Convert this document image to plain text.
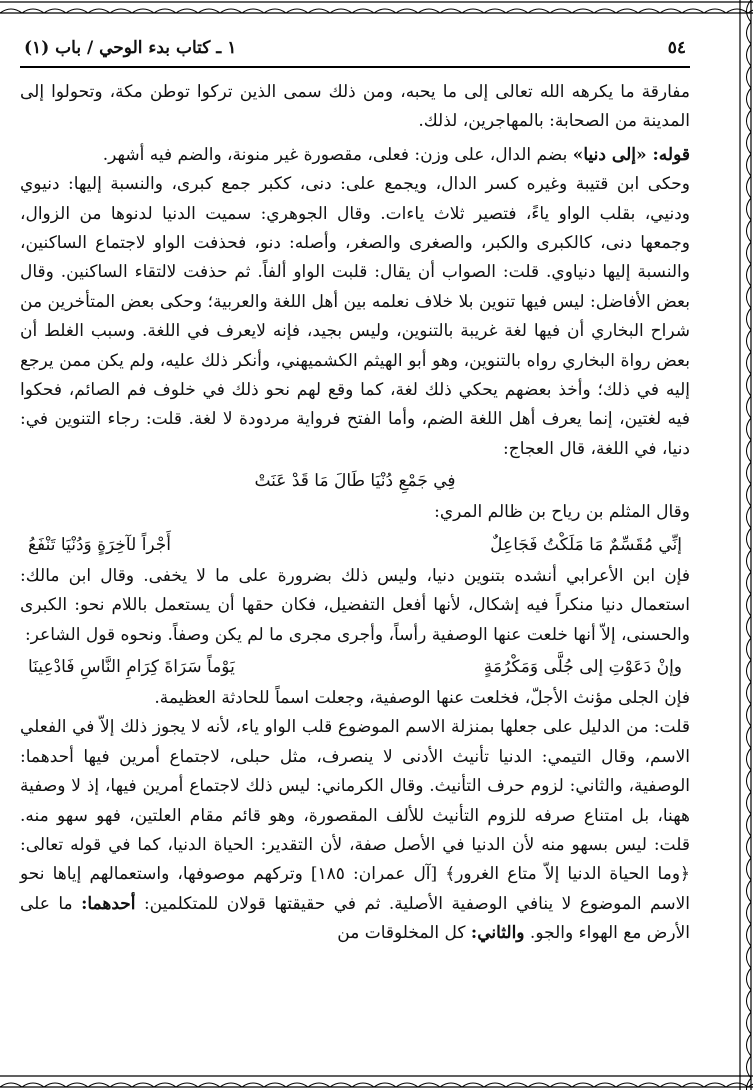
٥٤
١ ـ كتاب بدء الوحي / باب (١)

مفارقة ما يكرهه الله تعالى إلى ما يحبه، ومن ذلك سمى الذين تركوا توطن مكة، وتحولوا إلى المدينة من الصحابة: بالمهاجرين، لذلك.

قوله: «إلى دنيا» بضم الدال، على وزن: فعلى، مقصورة غير منونة، والضم فيه أشهر.

وحكى ابن قتيبة وغيره كسر الدال، ويجمع على: دنى، ككبر جمع كبرى، والنسبة إليها: دنيوي ودنيي، بقلب الواو ياءً، فتصير ثلاث ياءات. وقال الجوهري: سميت الدنيا لدنوها من الزوال، وجمعها دنى، كالكبرى والكبر، والصغرى والصغر، وأصله: دنو، فحذفت الواو لاجتماع الساكنين، والنسبة إليها دنياوي. قلت: الصواب أن يقال: قلبت الواو ألفاً. ثم حذفت لالتقاء الساكنين. وقال بعض الأفاضل: ليس فيها تنوين بلا خلاف نعلمه بين أهل اللغة والعربية؛ وحكى بعض المتأخرين من شراح البخاري أن فيها لغة غريبة بالتنوين، وليس بجيد، فإنه لايعرف في اللغة. وسبب الغلط أن بعض رواة البخاري رواه بالتنوين، وهو أبو الهيثم الكشميهني، وأنكر ذلك عليه، ولم يكن ممن يرجع إليه في ذلك؛ وأخذ بعضهم يحكي ذلك لغة، كما وقع لهم نحو ذلك في خلوف فم الصائم، فحكوا فيه لغتين، إنما يعرف أهل اللغة الضم، وأما الفتح فرواية مردودة لا لغة. قلت: رجاء التنوين في: دنيا، في اللغة، قال العجاج:

فِي جَمْعِ دُنْيَا طَالَ مَا قَدْ عَنَتْ

وقال المثلم بن رياح بن ظالم المري:

إنِّي مُقَسِّمٌ مَا مَلَكْتُ فَجَاعِلٌ
أَجْراً لآخِرَةٍ وَدُنْيَا تَنْفَعُ

فإن ابن الأعرابي أنشده بتنوين دنيا، وليس ذلك بضرورة على ما لا يخفى. وقال ابن مالك: استعمال دنيا منكراً فيه إشكال، لأنها أفعل التفضيل، فكان حقها أن يستعمل باللام نحو: الكبرى والحسنى، إلاّ أنها خلعت عنها الوصفية رأساً، وأجرى مجرى ما لم يكن وصفاً. ونحوه قول الشاعر:

وإنْ دَعَوْتِ إلى جُلَّى وَمَكْرُمَةٍ
يَوْماً سَرَاةَ كِرَامِ النَّاسِ فَادْعِينَا

فإن الجلى مؤنث الأجلّ، فخلعت عنها الوصفية، وجعلت اسماً للحادثة العظيمة.

قلت: من الدليل على جعلها بمنزلة الاسم الموضوع قلب الواو ياء، لأنه لا يجوز ذلك إلاّ في الفعلي الاسم، وقال التيمي: الدنيا تأنيث الأدنى لا ينصرف، مثل حبلى، لاجتماع أمرين فيها أحدهما: الوصفية، والثاني: لزوم حرف التأنيث. وقال الكرماني: ليس ذلك لاجتماع أمرين فيها، إذ لا وصفية ههنا، بل امتناع صرفه للزوم التأنيث للألف المقصورة، وهو قائم مقام العلتين، فهو سهو منه. قلت: ليس بسهو منه لأن الدنيا في الأصل صفة، لأن التقدير: الحياة الدنيا، كما في قوله تعالى: ﴿وما الحياة الدنيا إلاّ متاع الغرور﴾ [آل عمران: ١٨٥] وتركهم موصوفها، واستعمالهم إياها نحو الاسم الموضوع لا ينافي الوصفية الأصلية. ثم في حقيقتها قولان للمتكلمين: أحدهما: ما على الأرض مع الهواء والجو. والثاني: كل المخلوقات من
